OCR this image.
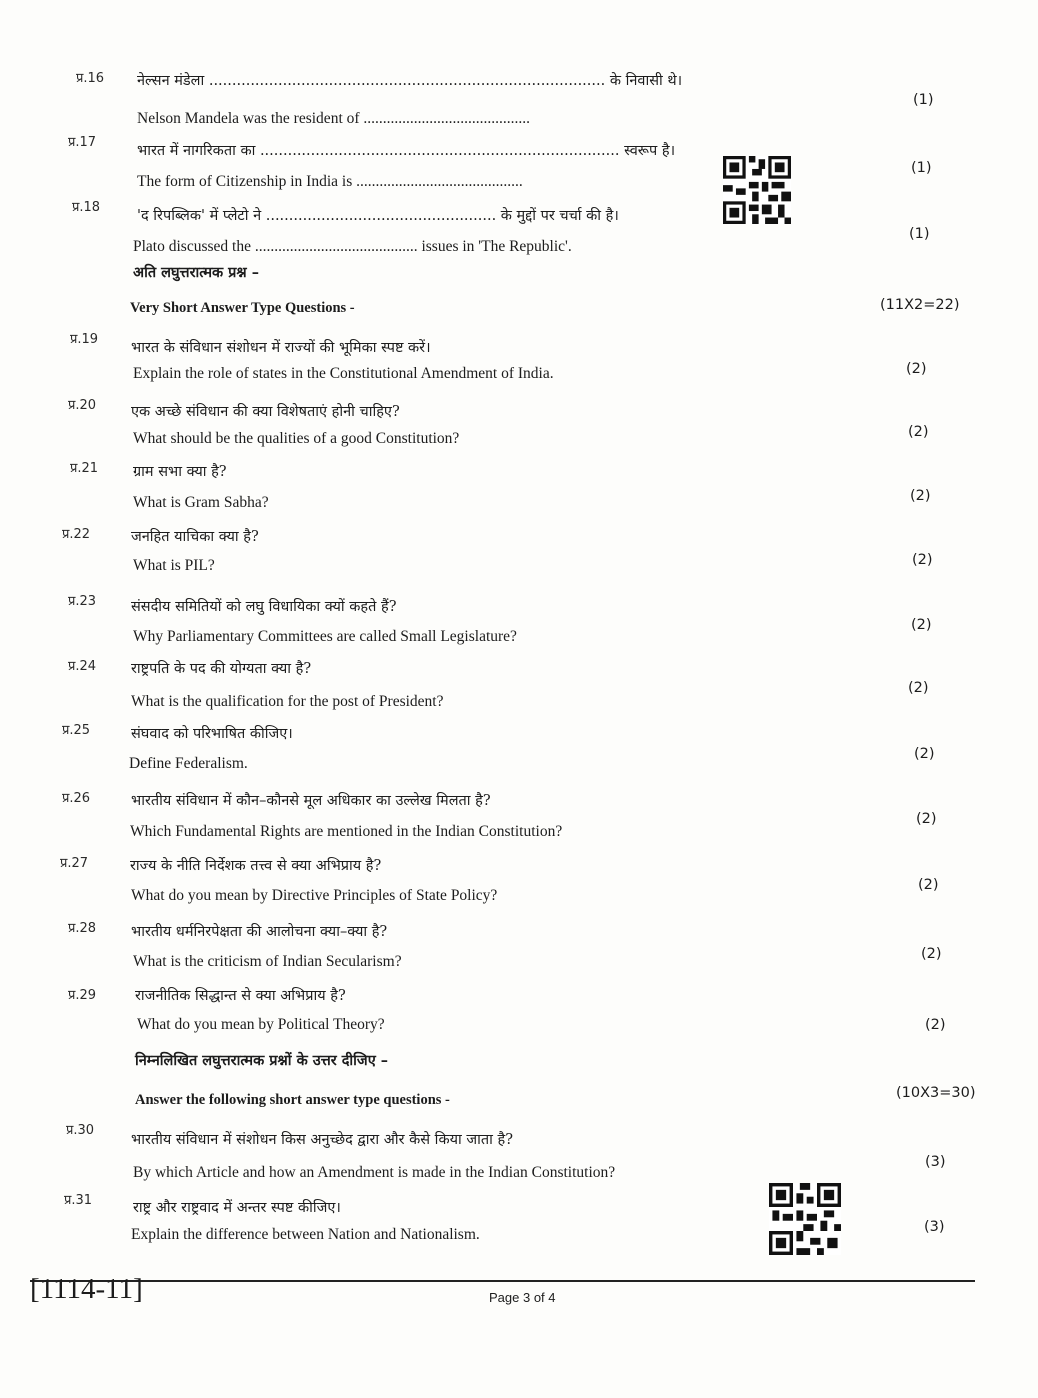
प्र.16 नेल्सन मंडेला ...................................................................................... के निवासी थे।
Nelson Mandela was the resident of ...........................................
(1)
प्र.17
भारत में नागरिकता का .............................................................................. स्वरूप है।
The form of Citizenship in India is ...........................................
(1)
प्र.18
'द रिपब्लिक' में प्लेटो ने .................................................. के मुद्दों पर चर्चा की है।
Plato discussed the .......................................... issues in 'The Republic'.
(1)
अति लघुत्तरात्मक प्रश्न –
Very Short Answer Type Questions -	(11X2=22)
प्र.19
भारत के संविधान संशोधन में राज्यों की भूमिका स्पष्ट करें।
Explain the role of states in the Constitutional Amendment of India.	(2)
प्र.20 एक अच्छे संविधान की क्या विशेषताएं होनी चाहिए?
What should be the qualities of a good Constitution?	(2)
प्र.21 ग्राम सभा क्या है?
What is Gram Sabha?	(2)
प्र.22	जनहित याचिका क्या है?
What is PIL?	(2)
प्र.23 संसदीय समितियों को लघु विधायिका क्यों कहते हैं?
Why Parliamentary Committees are called Small Legislature?
(2)
प्र.24 राष्ट्रपति के पद की योग्यता क्या है?
What is the qualification for the post of President?
(2)
प्र.25	संघवाद को परिभाषित कीजिए।
Define Federalism.
(2)
प्र.26	भारतीय संविधान में कौन–कौनसे मूल अधिकार का उल्लेख मिलता है?
Which Fundamental Rights are mentioned in the Indian Constitution?
(2)
प्र.27	राज्य के नीति निर्देशक तत्त्व से क्या अभिप्राय है?
What do you mean by Directive Principles of State Policy?
(2)
प्र.28 भारतीय धर्मनिरपेक्षता की आलोचना क्या–क्या है?
What is the criticism of Indian Secularism?	(2)
प्र.29	राजनीतिक सिद्धान्त से क्या अभिप्राय है?
What do you mean by Political Theory?	(2)
निम्नलिखित लघुत्तरात्मक प्रश्नों के उत्तर दीजिए –
Answer the following short answer type questions -	(10X3=30)
प्र.30
भारतीय संविधान में संशोधन किस अनुच्छेद द्वारा और कैसे किया जाता है?
By which Article and how an Amendment is made in the Indian Constitution?
(3)
प्र.31	राष्ट्र और राष्ट्रवाद में अन्तर स्पष्ट कीजिए।
Explain the difference between Nation and Nationalism.	(3)
[1114-11]	Page 3 of 4
